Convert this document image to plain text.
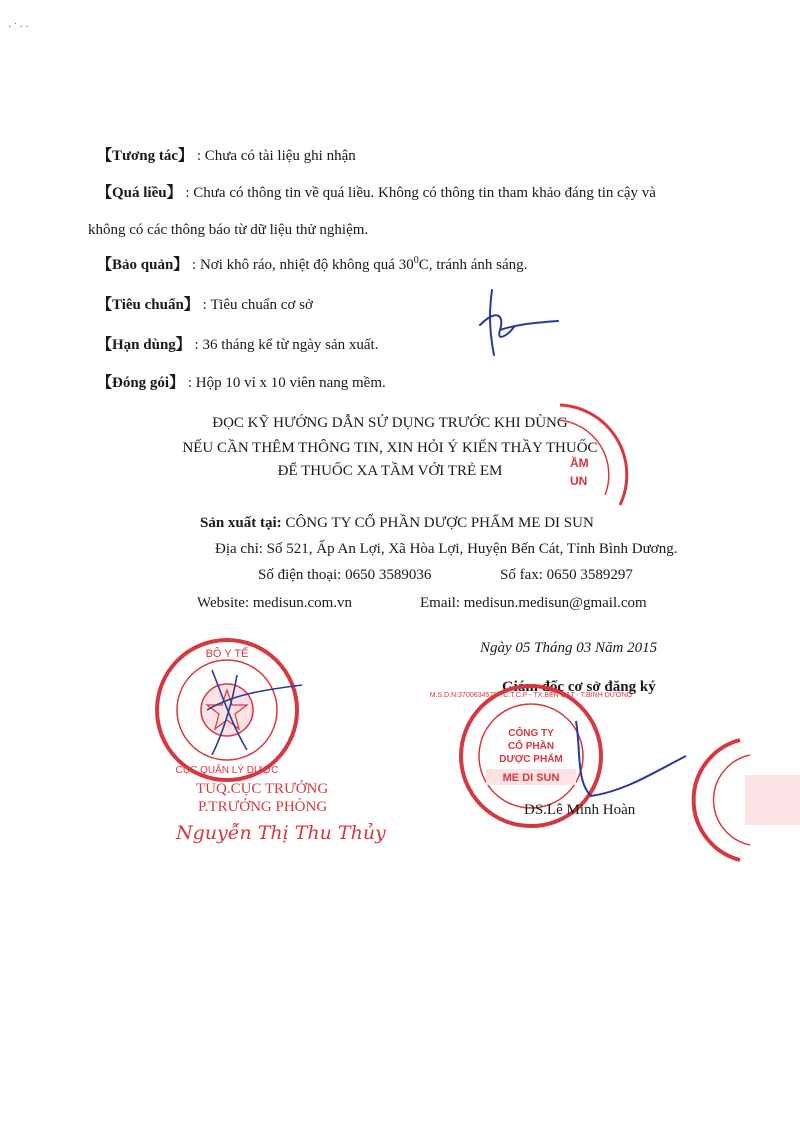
· ˙ · ·
【Tương tác】 : Chưa có tài liệu ghi nhận
【Quá liều】 : Chưa có thông tin về quá liều. Không có thông tin tham khảo đáng tin cậy và
không có các thông báo từ dữ liệu thử nghiệm.
【Bảo quản】 : Nơi khô ráo, nhiệt độ không quá $30^0C$, tránh ánh sáng.
【Tiêu chuẩn】 : Tiêu chuẩn cơ sở
【Hạn dùng】 : 36 tháng kể từ ngày sản xuất.
【Đóng gói】 : Hộp 10 vỉ x 10 viên nang mềm.
ĐỌC KỸ HƯỚNG DẪN SỬ DỤNG TRƯỚC KHI DÙNG
NẾU CẦN THÊM THÔNG TIN, XIN HỎI Ý KIẾN THẦY THUỐC
ĐỂ THUỐC XA TẦM VỚI TRẺ EM
Sản xuất tại: CÔNG TY CỔ PHẦN DƯỢC PHẨM ME DI SUN
Địa chỉ: Số 521, Ấp An Lợi, Xã Hòa Lợi, Huyện Bến Cát, Tỉnh Bình Dương.
Số điện thoại: 0650 3589036	Số fax: 0650 3589297
Website: medisun.com.vn	Email: medisun.medisun@gmail.com
ẦM
UN
Ngày 05 Tháng 03 Năm 2015
Giám đốc cơ sở đăng ký
BỘ Y TẾ
CỤC QUẢN LÝ DƯỢC
TUQ.CỤC TRƯỞNG
P.TRƯỞNG PHÒNG
Nguyễn Thị Thu Thủy
CÔNG TY
CỔ PHẦN
DƯỢC PHẨM
ME DI SUN
M.S.D.N:3700634575 - C.T.C.P - TX.BẾN CÁT - T.BÌNH DƯƠNG
DS.Lê Minh Hoàn
